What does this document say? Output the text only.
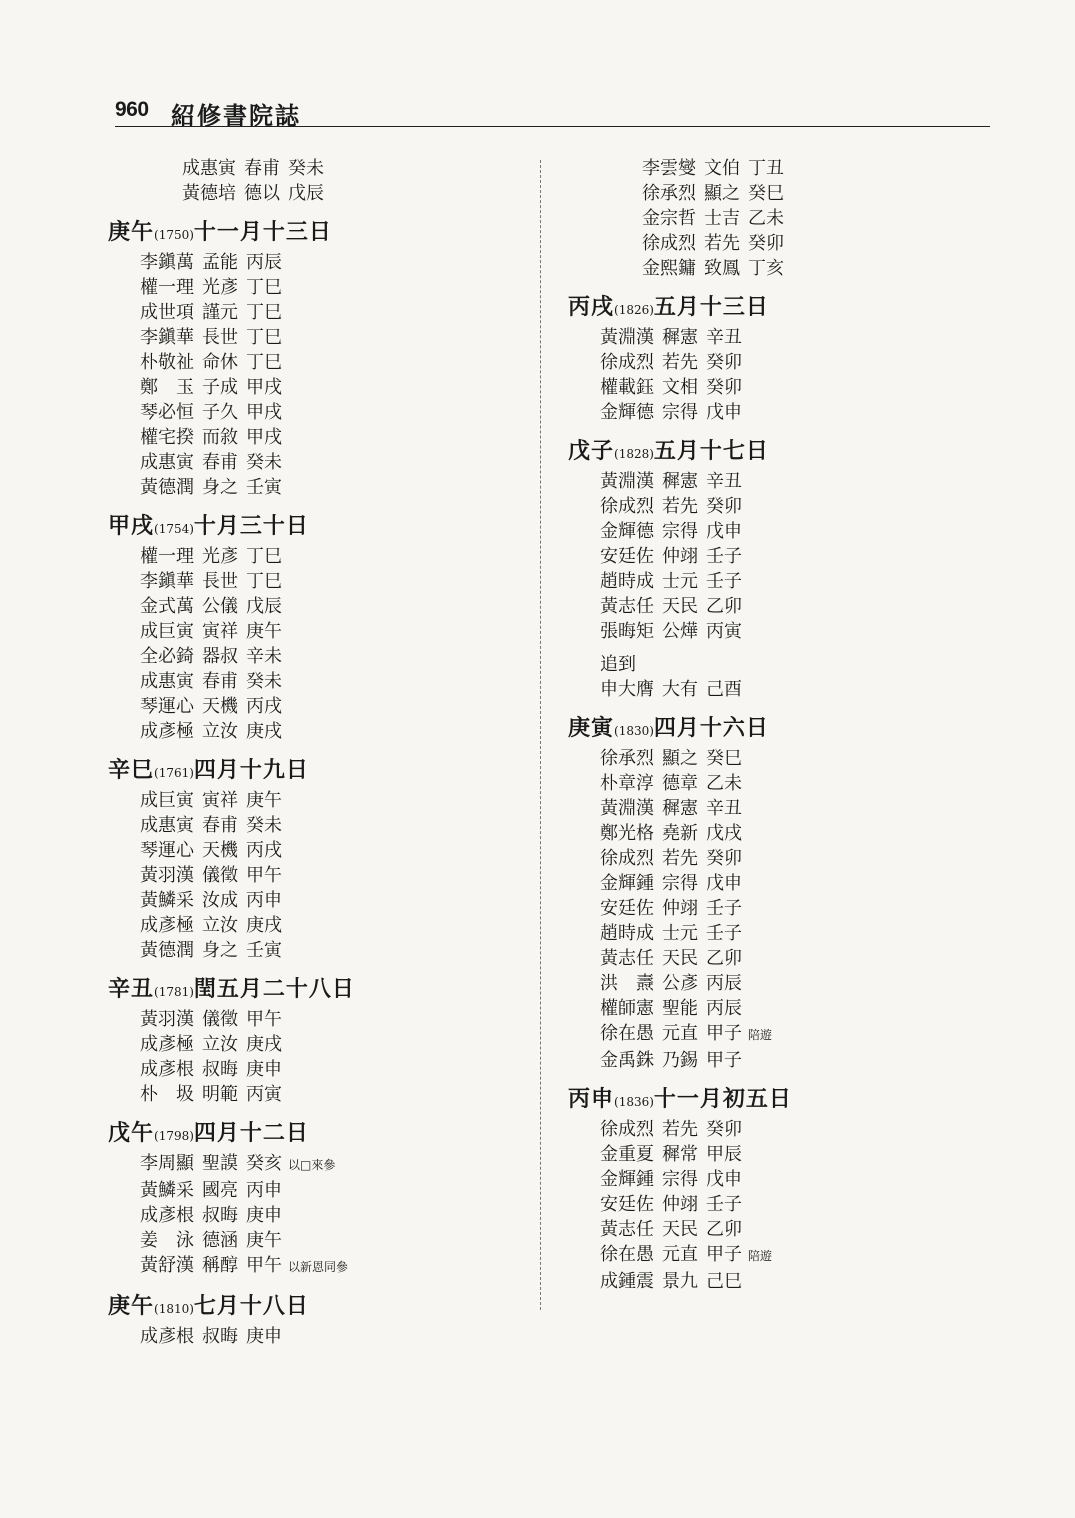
960 紹修書院誌
成惠寅 春甫 癸未
黃德培 德以 戊辰
庚午(1750)十一月十三日
李鎭萬 孟能 丙辰
權一理 光彥 丁巳
成世項 謹元 丁巳
李鎭華 長世 丁巳
朴敬祉 命休 丁巳
鄭　玉 子成 甲戌
琴必恒 子久 甲戌
權宅揆 而敘 甲戌
成惠寅 春甫 癸未
黃德潤 身之 壬寅
甲戌(1754)十月三十日
權一理 光彥 丁巳
李鎭華 長世 丁巳
金式萬 公儀 戊辰
成巨寅 寅祥 庚午
全必錡 器叔 辛未
成惠寅 春甫 癸未
琴運心 天機 丙戌
成彥極 立汝 庚戌
辛巳(1761)四月十九日
成巨寅 寅祥 庚午
成惠寅 春甫 癸未
琴運心 天機 丙戌
黃羽漢 儀徵 甲午
黃鱗采 汝成 丙申
成彥極 立汝 庚戌
黃德潤 身之 壬寅
辛丑(1781)閏五月二十八日
黃羽漢 儀徵 甲午
成彥極 立汝 庚戌
成彥根 叔晦 庚申
朴　圾 明範 丙寅
戊午(1798)四月十二日
李周顯 聖謨 癸亥 以□來參
黃鱗采 國亮 丙申
成彥根 叔晦 庚申
姜　泳 德涵 庚午
黃舒漢 稱醇 甲午 以新恩同參
庚午(1810)七月十八日
成彥根 叔晦 庚申
李雲燮 文伯 丁丑
徐承烈 顯之 癸巳
金宗哲 士吉 乙未
徐成烈 若先 癸卯
金熙鏞 致鳳 丁亥
丙戌(1826)五月十三日
黃淵漢 穉憲 辛丑
徐成烈 若先 癸卯
權載鈺 文相 癸卯
金輝德 宗得 戊申
戊子(1828)五月十七日
黃淵漢 穉憲 辛丑
徐成烈 若先 癸卯
金輝德 宗得 戊申
安廷佐 仲翊 壬子
趙時成 士元 壬子
黃志任 天民 乙卯
張晦矩 公燁 丙寅
追到
申大膺 大有 己酉
庚寅(1830)四月十六日
徐承烈 顯之 癸巳
朴章淳 德章 乙未
黃淵漢 穉憲 辛丑
鄭光格 堯新 戊戌
徐成烈 若先 癸卯
金輝鍾 宗得 戊申
安廷佐 仲翊 壬子
趙時成 士元 壬子
黃志任 天民 乙卯
洪　燾 公彥 丙辰
權師憲 聖能 丙辰
徐在愚 元直 甲子 陪遊
金禹銖 乃錫 甲子
丙申(1836)十一月初五日
徐成烈 若先 癸卯
金重夏 穉常 甲辰
金輝鍾 宗得 戊申
安廷佐 仲翊 壬子
黃志任 天民 乙卯
徐在愚 元直 甲子 陪遊
成鍾震 景九 己巳
